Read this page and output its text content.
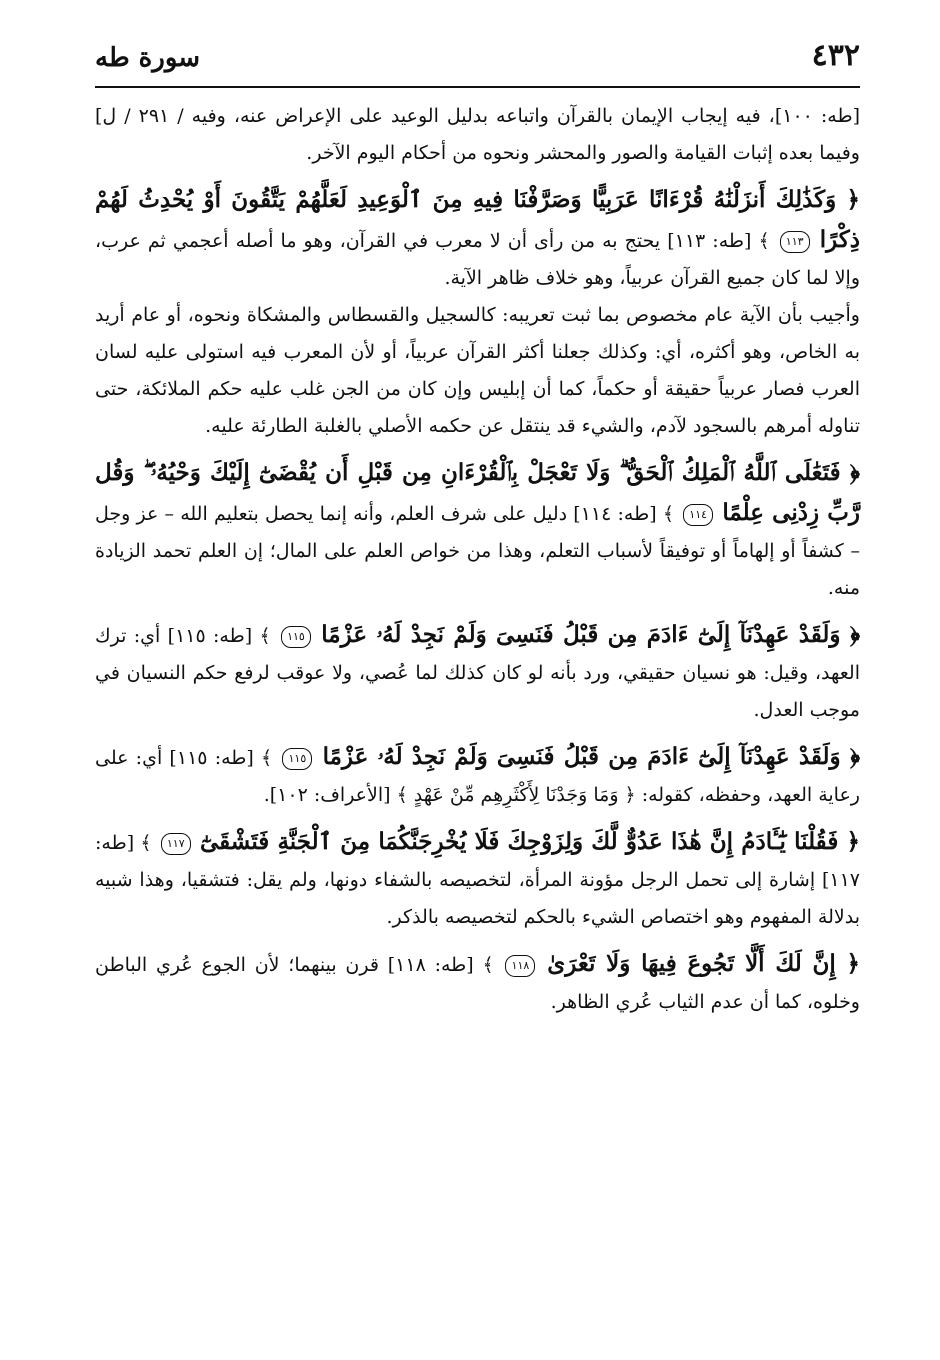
٤٣٢
سورة طه

[طه: ١٠٠]، فيه إيجاب الإيمان بالقرآن واتباعه بدليل الوعيد على الإعراض عنه، وفيه / ٢٩١ / ل] وفيما بعده إثبات القيامة والصور والمحشر ونحوه من أحكام اليوم الآخر.

﴿ وَكَذَٰلِكَ أَنزَلْنَٰهُ قُرْءَانًا عَرَبِيًّا وَصَرَّفْنَا فِيهِ مِنَ ٱلْوَعِيدِ لَعَلَّهُمْ يَتَّقُونَ أَوْ يُحْدِثُ لَهُمْ ذِكْرًا ١١٣ ﴾ [طه: ١١٣] يحتج به من رأى أن لا معرب في القرآن، وهو ما أصله أعجمي ثم عرب، وإلا لما كان جميع القرآن عربياً، وهو خلاف ظاهر الآية.

وأجيب بأن الآية عام مخصوص بما ثبت تعريبه: كالسجيل والقسطاس والمشكاة ونحوه، أو عام أريد به الخاص، وهو أكثره، أي: وكذلك جعلنا أكثر القرآن عربياً، أو لأن المعرب فيه استولى عليه لسان العرب فصار عربياً حقيقة أو حكماً، كما أن إبليس وإن كان من الجن غلب عليه حكم الملائكة، حتى تناوله أمرهم بالسجود لآدم، والشيء قد ينتقل عن حكمه الأصلي بالغلبة الطارئة عليه.

﴿ فَتَعَٰلَى ٱللَّهُ ٱلْمَلِكُ ٱلْحَقُّ ۗ وَلَا تَعْجَلْ بِٱلْقُرْءَانِ مِن قَبْلِ أَن يُقْضَىٰٓ إِلَيْكَ وَحْيُهُۥ ۖ وَقُل رَّبِّ زِدْنِى عِلْمًا ١١٤ ﴾ [طه: ١١٤] دليل على شرف العلم، وأنه إنما يحصل بتعليم الله – عز وجل – كشفاً أو إلهاماً أو توفيقاً لأسباب التعلم، وهذا من خواص العلم على المال؛ إن العلم تحمد الزيادة منه.

﴿ وَلَقَدْ عَهِدْنَآ إِلَىٰٓ ءَادَمَ مِن قَبْلُ فَنَسِىَ وَلَمْ نَجِدْ لَهُۥ عَزْمًا ١١٥ ﴾ [طه: ١١٥] أي: ترك العهد، وقيل: هو نسيان حقيقي، ورد بأنه لو كان كذلك لما عُصي، ولا عوقب لرفع حكم النسيان في موجب العدل.

﴿ وَلَقَدْ عَهِدْنَآ إِلَىٰٓ ءَادَمَ مِن قَبْلُ فَنَسِىَ وَلَمْ نَجِدْ لَهُۥ عَزْمًا ١١٥ ﴾ [طه: ١١٥] أي: على رعاية العهد، وحفظه، كقوله: ﴿ وَمَا وَجَدْنَا لِأَكْثَرِهِم مِّنْ عَهْدٍ ﴾ [الأعراف: ١٠٢].

﴿ فَقُلْنَا يَٰٓـَٔادَمُ إِنَّ هَٰذَا عَدُوٌّ لَّكَ وَلِزَوْجِكَ فَلَا يُخْرِجَنَّكُمَا مِنَ ٱلْجَنَّةِ فَتَشْقَىٰٓ ١١٧ ﴾ [طه: ١١٧] إشارة إلى تحمل الرجل مؤونة المرأة، لتخصيصه بالشفاء دونها، ولم يقل: فتشقيا، وهذا شبيه بدلالة المفهوم وهو اختصاص الشيء بالحكم لتخصيصه بالذكر.

﴿ إِنَّ لَكَ أَلَّا تَجُوعَ فِيهَا وَلَا تَعْرَىٰ ١١٨ ﴾ [طه: ١١٨] قرن بينهما؛ لأن الجوع عُري الباطن وخلوه، كما أن عدم الثياب عُري الظاهر.
